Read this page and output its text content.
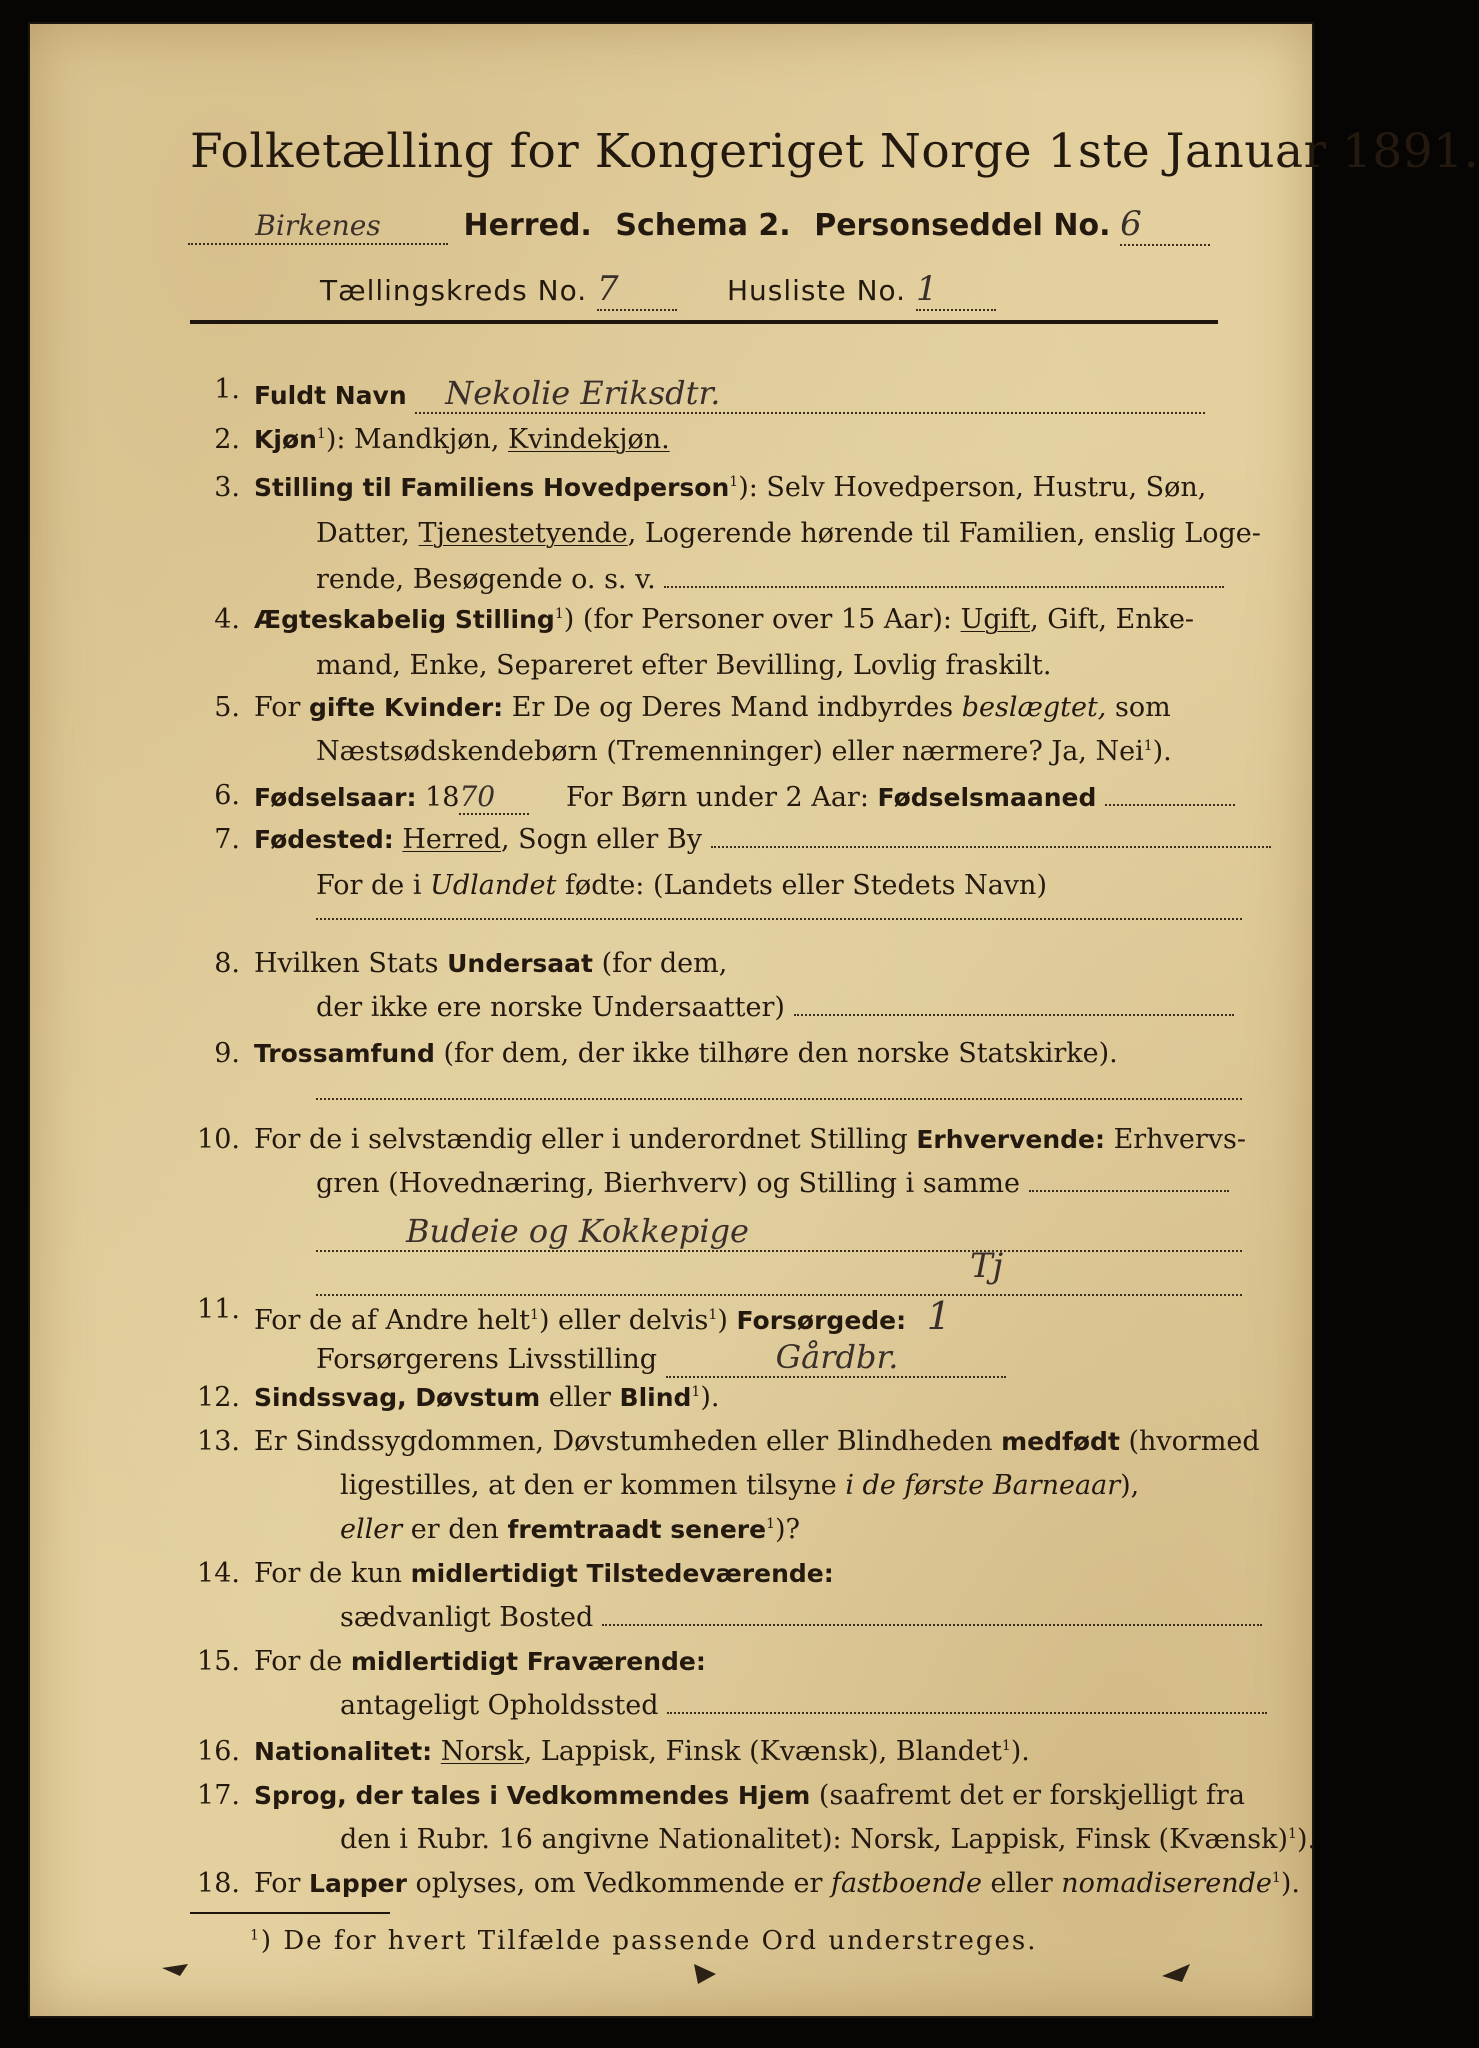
Folketælling for Kongeriget Norge 1ste Januar 1891.
Birkenes	Herred. Schema 2. Personseddel No. 6
Tællingskreds No. 7	Husliste No. 1
1. Fuldt Navn Nekolie Eriksdtr.
2. Kjøn$^1$): Mandkjøn, Kvindekjøn.
3. Stilling til Familiens Hovedperson$^1$): Selv Hovedperson, Hustru, Søn,
Datter, Tjenestetyende, Logerende hørende til Familien, enslig Loge-
rende, Besøgende o. s. v.
4. Ægteskabelig Stilling$^1$) (for Personer over 15 Aar): Ugift, Gift, Enke-
mand, Enke, Separeret efter Bevilling, Lovlig fraskilt.
5. For gifte Kvinder: Er De og Deres Mand indbyrdes beslægtet, som
Næstsødskendebørn (Tremenninger) eller nærmere? Ja, Nei$^1$).
6. Fødselsaar: 1870	For Børn under 2 Aar: Fødselsmaaned
7. Fødested: Herred, Sogn eller By
For de i Udlandet fødte: (Landets eller Stedets Navn)
8. Hvilken Stats Undersaat (for dem,
der ikke ere norske Undersaatter)
9. Trossamfund (for dem, der ikke tilhøre den norske Statskirke).
10. For de i selvstændig eller i underordnet Stilling Erhvervende: Erhvervs-
gren (Hovednæring, Bierhverv) og Stilling i samme
Budeie og Kokkepige
Tj
11. For de af Andre helt$^1$) eller delvis$^1$) Forsørgede: 1
Forsørgerens Livsstilling	Gårdbr.
12. Sindssvag, Døvstum eller Blind$^1$).
13. Er Sindssygdommen, Døvstumheden eller Blindheden medfødt (hvormed
ligestilles, at den er kommen tilsyne i de første Barneaar),
eller er den fremtraadt senere$^1$)?
14. For de kun midlertidigt Tilstedeværende:
sædvanligt Bosted
15. For de midlertidigt Fraværende:
antageligt Opholdssted
16. Nationalitet: Norsk, Lappisk, Finsk (Kvænsk), Blandet$^1$).
17. Sprog, der tales i Vedkommendes Hjem (saafremt det er forskjelligt fra
den i Rubr. 16 angivne Nationalitet): Norsk, Lappisk, Finsk (Kvænsk)$^1$).
18. For Lapper oplyses, om Vedkommende er fastboende eller nomadiserende$^1$).
$^1$) De for hvert Tilfælde passende Ord understreges.
